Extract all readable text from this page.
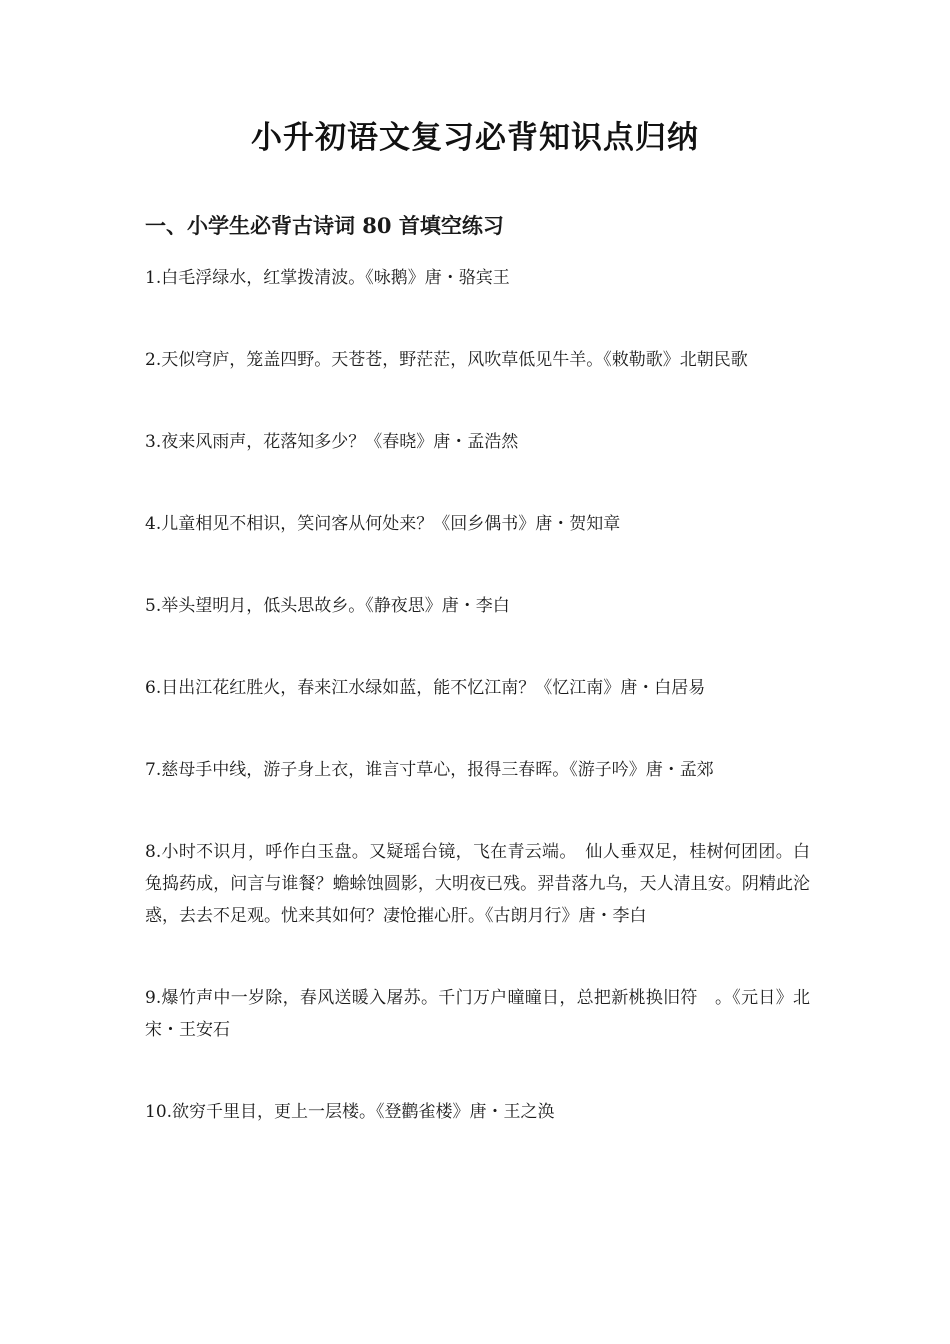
小升初语文复习必背知识点归纳
一、小学生必背古诗词 80 首填空练习
1.白毛浮绿水，红掌拨清波。《咏鹅》唐・骆宾王
2.天似穹庐，笼盖四野。天苍苍，野茫茫，风吹草低见牛羊。《敕勒歌》北朝民歌
3.夜来风雨声，花落知多少？《春晓》唐・孟浩然
4.儿童相见不相识，笑问客从何处来？《回乡偶书》唐・贺知章
5.举头望明月，低头思故乡。《静夜思》唐・李白
6.日出江花红胜火，春来江水绿如蓝，能不忆江南？《忆江南》唐・白居易
7.慈母手中线，游子身上衣，谁言寸草心，报得三春晖。《游子吟》唐・孟郊
8.小时不识月，呼作白玉盘。又疑瑶台镜，飞在青云端。　仙人垂双足，桂树何团团。白兔捣药成，问言与谁餐？蟾蜍蚀圆影，大明夜已残。羿昔落九乌，天人清且安。阴精此沦惑，去去不足观。忧来其如何？凄怆摧心肝。《古朗月行》唐・李白
9.爆竹声中一岁除，春风送暖入屠苏。千门万户曈曈日，总把新桃换旧符　。《元日》北宋・王安石
10.欲穷千里目，更上一层楼。《登鹳雀楼》唐・王之涣
